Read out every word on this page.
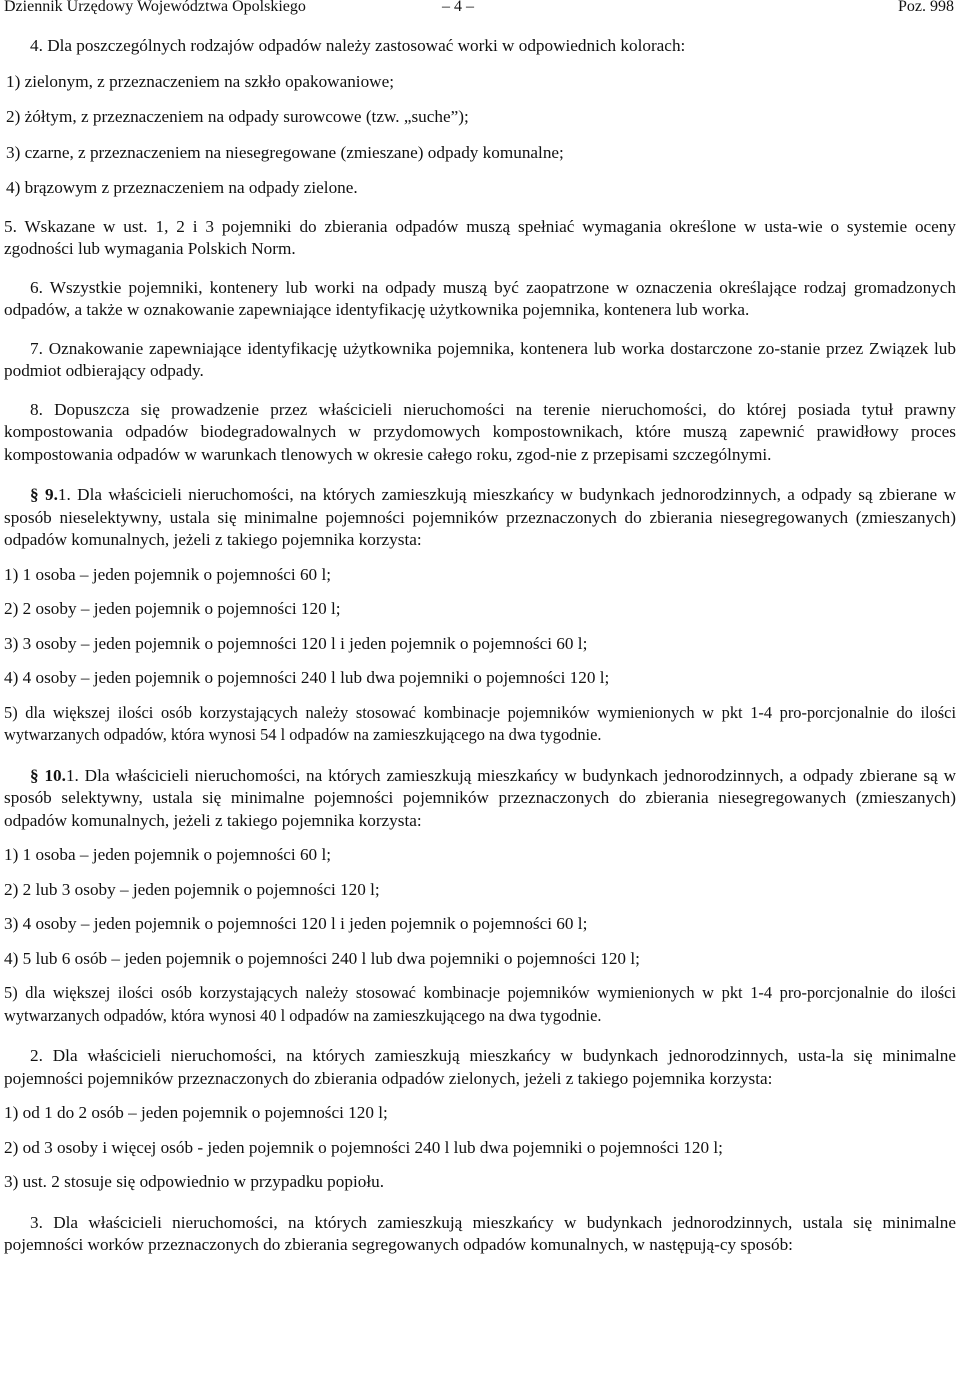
Dziennik Urzędowy Województwa Opolskiego	– 4 –	Poz. 998

4. Dla poszczególnych rodzajów odpadów należy zastosować worki w odpowiednich kolorach:

1) zielonym, z przeznaczeniem na szkło opakowaniowe;

2) żółtym, z przeznaczeniem na odpady surowcowe (tzw. „suche”);

3) czarne, z przeznaczeniem na niesegregowane (zmieszane) odpady komunalne;

4) brązowym z przeznaczeniem na odpady zielone.

5. Wskazane w ust. 1, 2 i 3 pojemniki do zbierania odpadów muszą spełniać wymagania określone w usta-wie o systemie oceny zgodności lub wymagania Polskich Norm.

6. Wszystkie pojemniki, kontenery lub worki na odpady muszą być zaopatrzone w oznaczenia określające rodzaj gromadzonych odpadów, a także w oznakowanie zapewniające identyfikację użytkownika pojemnika, kontenera lub worka.

7. Oznakowanie zapewniające identyfikację użytkownika pojemnika, kontenera lub worka dostarczone zo-stanie przez Związek lub podmiot odbierający odpady.

8. Dopuszcza się prowadzenie przez właścicieli nieruchomości na terenie nieruchomości, do której posiada tytuł prawny kompostowania odpadów biodegradowalnych w przydomowych kompostownikach, które muszą zapewnić prawidłowy proces kompostowania odpadów w warunkach tlenowych w okresie całego roku, zgod-nie z przepisami szczególnymi.

§ 9.1. Dla właścicieli nieruchomości, na których zamieszkują mieszkańcy w budynkach jednorodzinnych, a odpady są zbierane w sposób nieselektywny, ustala się minimalne pojemności pojemników przeznaczonych do zbierania niesegregowanych (zmieszanych) odpadów komunalnych, jeżeli z takiego pojemnika korzysta:

1) 1 osoba – jeden pojemnik o pojemności 60 l;

2) 2 osoby – jeden pojemnik o pojemności 120 l;

3) 3 osoby – jeden pojemnik o pojemności 120 l i jeden pojemnik o pojemności 60 l;

4) 4 osoby – jeden pojemnik o pojemności 240 l lub dwa pojemniki o pojemności 120 l;

5) dla większej ilości osób korzystających należy stosować kombinacje pojemników wymienionych w pkt 1-4 pro-porcjonalnie do ilości wytwarzanych odpadów, która wynosi 54 l odpadów na zamieszkującego na dwa tygodnie.

§ 10.1. Dla właścicieli nieruchomości, na których zamieszkują mieszkańcy w budynkach jednorodzinnych, a odpady zbierane są w sposób selektywny, ustala się minimalne pojemności pojemników przeznaczonych do zbierania niesegregowanych (zmieszanych) odpadów komunalnych, jeżeli z takiego pojemnika korzysta:

1) 1 osoba – jeden pojemnik o pojemności 60 l;

2) 2 lub 3 osoby – jeden pojemnik o pojemności 120 l;

3) 4 osoby – jeden pojemnik o pojemności 120 l i jeden pojemnik o pojemności 60 l;

4) 5 lub 6 osób – jeden pojemnik o pojemności 240 l lub dwa pojemniki o pojemności 120 l;

5) dla większej ilości osób korzystających należy stosować kombinacje pojemników wymienionych w pkt 1-4 pro-porcjonalnie do ilości wytwarzanych odpadów, która wynosi 40 l odpadów na zamieszkującego na dwa tygodnie.

2. Dla właścicieli nieruchomości, na których zamieszkują mieszkańcy w budynkach jednorodzinnych, usta-la się minimalne pojemności pojemników przeznaczonych do zbierania odpadów zielonych, jeżeli z takiego pojemnika korzysta:

1) od 1 do 2 osób – jeden pojemnik o pojemności 120 l;

2) od 3 osoby i więcej osób - jeden pojemnik o pojemności 240 l lub dwa pojemniki o pojemności 120 l;

3) ust. 2 stosuje się odpowiednio w przypadku popiołu.

3. Dla właścicieli nieruchomości, na których zamieszkują mieszkańcy w budynkach jednorodzinnych, ustala się minimalne pojemności worków przeznaczonych do zbierania segregowanych odpadów komunalnych, w następują-cy sposób:
